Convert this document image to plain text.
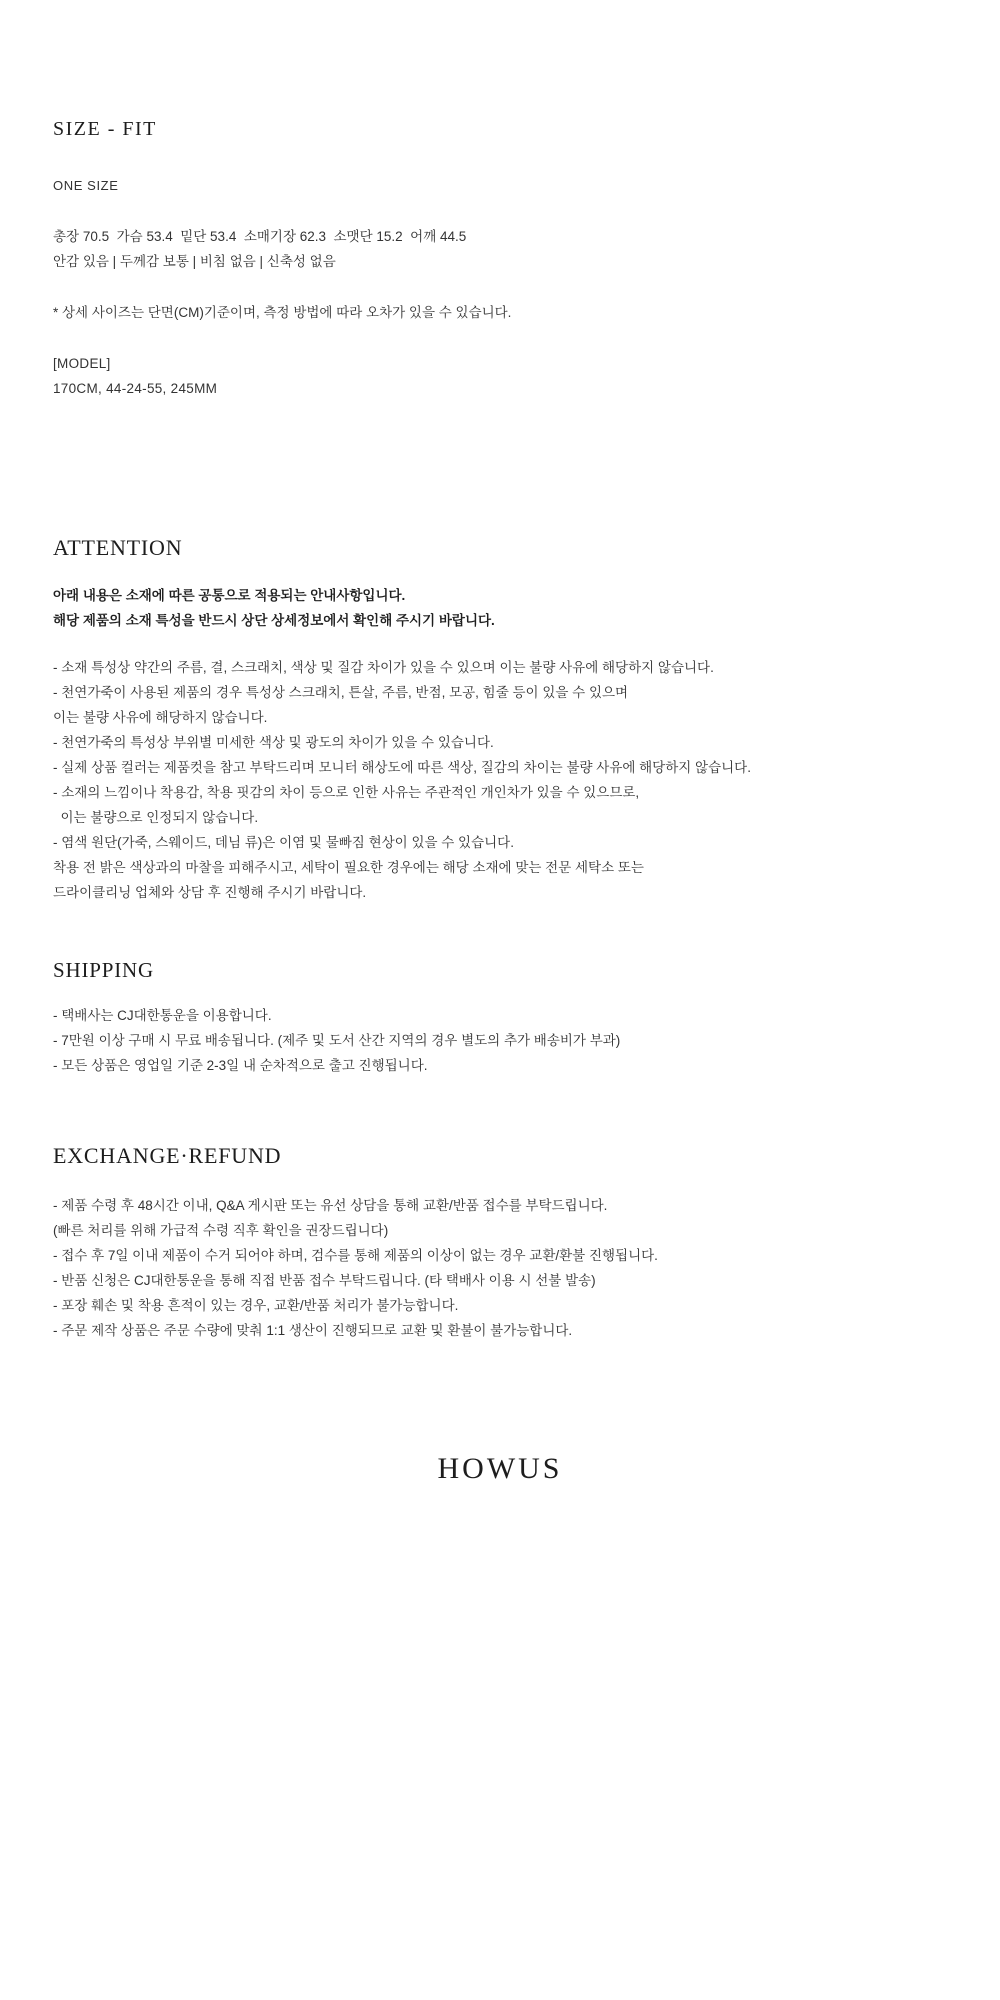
SIZE - FIT
ONE SIZE
총장 70.5  가슴 53.4  밑단 53.4  소매기장 62.3  소맷단 15.2  어깨 44.5
안감 있음 | 두께감 보통 | 비침 없음 | 신축성 없음
* 상세 사이즈는 단면(CM)기준이며, 측정 방법에 따라 오차가 있을 수 있습니다.
[MODEL]
170CM, 44-24-55, 245MM
ATTENTION
아래 내용은 소재에 따른 공통으로 적용되는 안내사항입니다.
해당 제품의 소재 특성을 반드시 상단 상세정보에서 확인해 주시기 바랍니다.
- 소재 특성상 약간의 주름, 결, 스크래치, 색상 및 질감 차이가 있을 수 있으며 이는 불량 사유에 해당하지 않습니다.
- 천연가죽이 사용된 제품의 경우 특성상 스크래치, 튼살, 주름, 반점, 모공, 힘줄 등이 있을 수 있으며
이는 불량 사유에 해당하지 않습니다.
- 천연가죽의 특성상 부위별 미세한 색상 및 광도의 차이가 있을 수 있습니다.
- 실제 상품 컬러는 제품컷을 참고 부탁드리며 모니터 해상도에 따른 색상, 질감의 차이는 불량 사유에 해당하지 않습니다.
- 소재의 느낌이나 착용감, 착용 핏감의 차이 등으로 인한 사유는 주관적인 개인차가 있을 수 있으므로,
이는 불량으로 인정되지 않습니다.
- 염색 원단(가죽, 스웨이드, 데님 류)은 이염 및 물빠짐 현상이 있을 수 있습니다.
착용 전 밝은 색상과의 마찰을 피해주시고, 세탁이 필요한 경우에는 해당 소재에 맞는 전문 세탁소 또는
드라이클리닝 업체와 상담 후 진행해 주시기 바랍니다.
SHIPPING
- 택배사는 CJ대한통운을 이용합니다.
- 7만원 이상 구매 시 무료 배송됩니다. (제주 및 도서 산간 지역의 경우 별도의 추가 배송비가 부과)
- 모든 상품은 영업일 기준 2-3일 내 순차적으로 출고 진행됩니다.
EXCHANGE·REFUND
- 제품 수령 후 48시간 이내, Q&A 게시판 또는 유선 상담을 통해 교환/반품 접수를 부탁드립니다.
(빠른 처리를 위해 가급적 수령 직후 확인을 권장드립니다)
- 접수 후 7일 이내 제품이 수거 되어야 하며, 검수를 통해 제품의 이상이 없는 경우 교환/환불 진행됩니다.
- 반품 신청은 CJ대한통운을 통해 직접 반품 접수 부탁드립니다. (타 택배사 이용 시 선불 발송)
- 포장 훼손 및 착용 흔적이 있는 경우, 교환/반품 처리가 불가능합니다.
- 주문 제작 상품은 주문 수량에 맞춰 1:1 생산이 진행되므로 교환 및 환불이 불가능합니다.
HOWUS
